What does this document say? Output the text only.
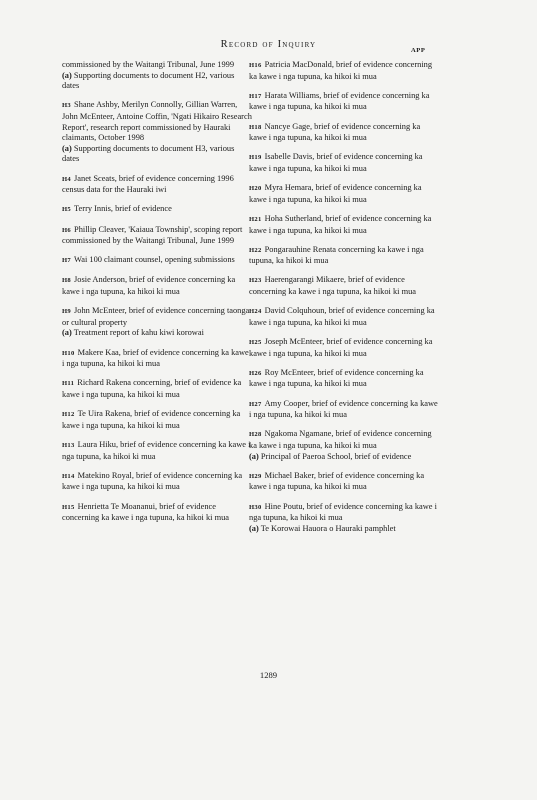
Record of Inquiry
APP
commissioned by the Waitangi Tribunal, June 1999
(a) Supporting documents to document H2, various dates
H3 Shane Ashby, Merilyn Connolly, Gillian Warren, John McEnteer, Antoine Coffin, 'Ngati Hikairo Research Report', research report commissioned by Hauraki claimants, October 1998
(a) Supporting documents to document H3, various dates
H4 Janet Sceats, brief of evidence concerning 1996 census data for the Hauraki iwi
H5 Terry Innis, brief of evidence
H6 Phillip Cleaver, 'Kaiaua Township', scoping report commissioned by the Waitangi Tribunal, June 1999
H7 Wai 100 claimant counsel, opening submissions
H8 Josie Anderson, brief of evidence concerning ka kawe i nga tupuna, ka hikoi ki mua
H9 John McEnteer, brief of evidence concerning taonga or cultural property
(a) Treatment report of kahu kiwi korowai
H10 Makere Kaa, brief of evidence concerning ka kawe i nga tupuna, ka hikoi ki mua
H11 Richard Rakena concerning, brief of evidence ka kawe i nga tupuna, ka hikoi ki mua
H12 Te Uira Rakena, brief of evidence concerning ka kawe i nga tupuna, ka hikoi ki mua
H13 Laura Hiku, brief of evidence concerning ka kawe i nga tupuna, ka hikoi ki mua
H14 Matekino Royal, brief of evidence concerning ka kawe i nga tupuna, ka hikoi ki mua
H15 Henrietta Te Moananui, brief of evidence concerning ka kawe i nga tupuna, ka hikoi ki mua
H16 Patricia MacDonald, brief of evidence concerning ka kawe i nga tupuna, ka hikoi ki mua
H17 Harata Williams, brief of evidence concerning ka kawe i nga tupuna, ka hikoi ki mua
H18 Nancye Gage, brief of evidence concerning ka kawe i nga tupuna, ka hikoi ki mua
H19 Isabelle Davis, brief of evidence concerning ka kawe i nga tupuna, ka hikoi ki mua
H20 Myra Hemara, brief of evidence concerning ka kawe i nga tupuna, ka hikoi ki mua
H21 Hoha Sutherland, brief of evidence concerning ka kawe i nga tupuna, ka hikoi ki mua
H22 Pongarauhine Renata concerning ka kawe i nga tupuna, ka hikoi ki mua
H23 Haerengarangi Mikaere, brief of evidence concerning ka kawe i nga tupuna, ka hikoi ki mua
H24 David Colquhoun, brief of evidence concerning ka kawe i nga tupuna, ka hikoi ki mua
H25 Joseph McEnteer, brief of evidence concerning ka kawe i nga tupuna, ka hikoi ki mua
H26 Roy McEnteer, brief of evidence concerning ka kawe i nga tupuna, ka hikoi ki mua
H27 Amy Cooper, brief of evidence concerning ka kawe i nga tupuna, ka hikoi ki mua
H28 Ngakoma Ngamane, brief of evidence concerning ka kawe i nga tupuna, ka hikoi ki mua
(a) Principal of Paeroa School, brief of evidence
H29 Michael Baker, brief of evidence concerning ka kawe i nga tupuna, ka hikoi ki mua
H30 Hine Poutu, brief of evidence concerning ka kawe i nga tupuna, ka hikoi ki mua
(a) Te Korowai Hauora o Hauraki pamphlet
1289
